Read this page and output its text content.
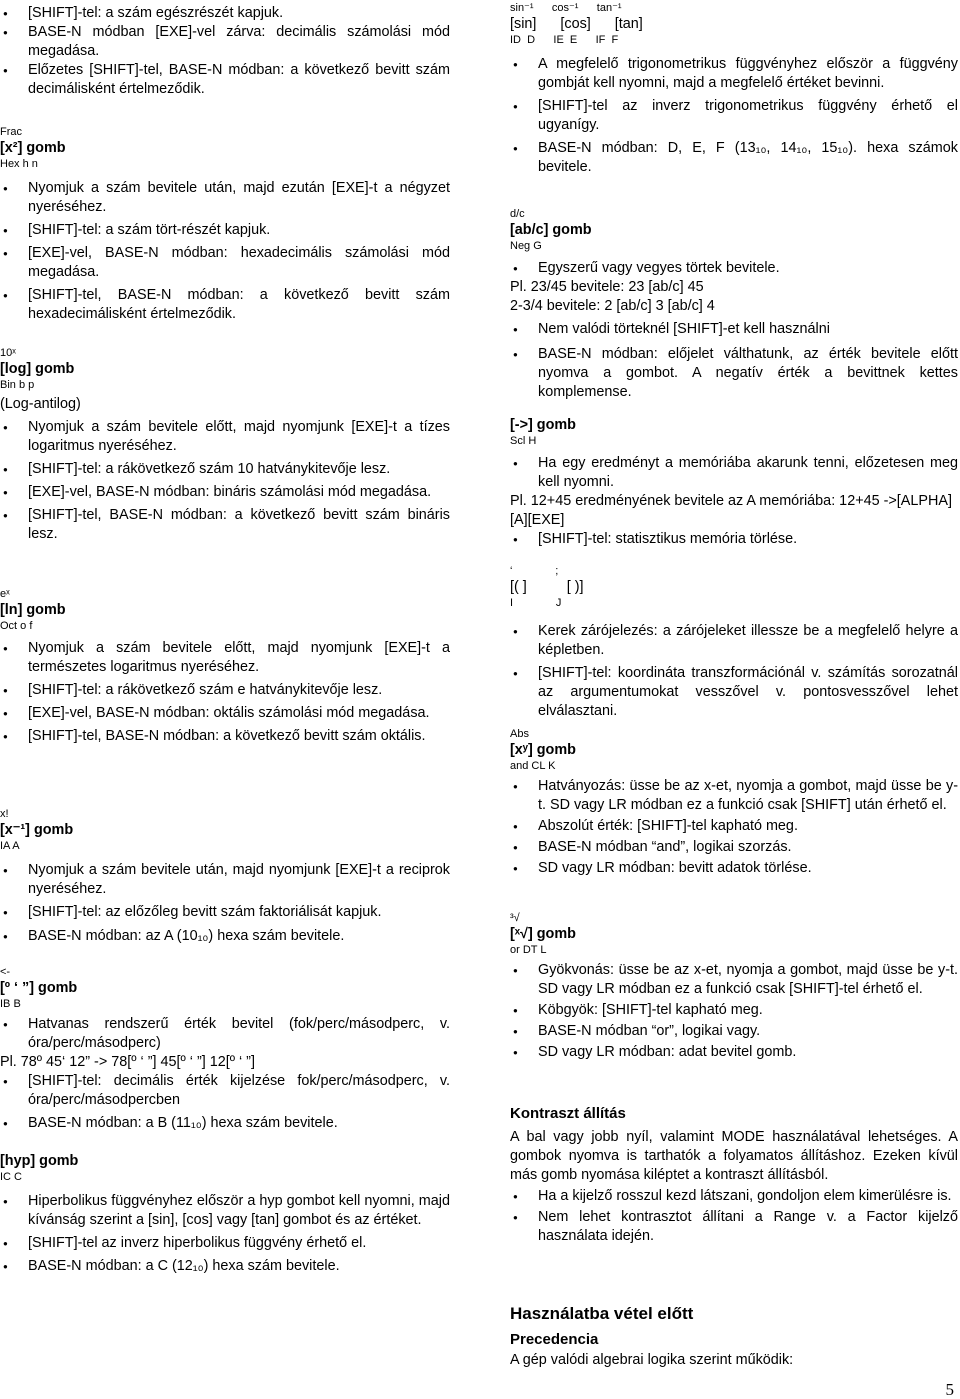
● [SHIFT]-tel: a szám egészrészét kapjuk.
● BASE-N módban [EXE]-vel zárva: decimális számolási mód megadása.
● Előzetes [SHIFT]-tel, BASE-N módban: a következő bevitt szám decimálisként értelmeződik.
Frac
[x²] gomb
Hex h n
● Nyomjuk a szám bevitele után, majd ezután [EXE]-t a négyzet nyeréséhez.
● [SHIFT]-tel: a szám tört-részét kapjuk.
● [EXE]-vel, BASE-N módban: hexadecimális számolási mód megadása.
● [SHIFT]-tel, BASE-N módban: a következő bevitt szám hexadecimálisként értelmeződik.
10ˣ
[log] gomb
Bin b p
(Log-antilog)
● Nyomjuk a szám bevitele előtt, majd nyomjunk [EXE]-t a tízes logaritmus nyeréséhez.
● [SHIFT]-tel: a rákövetkező szám 10 hatványkitevője lesz.
● [EXE]-vel, BASE-N módban: bináris számolási mód megadása.
● [SHIFT]-tel, BASE-N módban: a következő bevitt szám bináris lesz.
eˣ
[ln] gomb
Oct o f
● Nyomjuk a szám bevitele előtt, majd nyomjunk [EXE]-t a természetes logaritmus nyeréséhez.
● [SHIFT]-tel: a rákövetkező szám e hatványkitevője lesz.
● [EXE]-vel, BASE-N módban: oktális számolási mód megadása.
● [SHIFT]-tel, BASE-N módban: a következő bevitt szám oktális.
x!
[x⁻¹] gomb
IA A
● Nyomjuk a szám bevitele után, majd nyomjunk [EXE]-t a reciprok nyeréséhez.
● [SHIFT]-tel: az előzőleg bevitt szám faktoriálisát kapjuk.
● BASE-N módban: az A (10₁₀) hexa szám bevitele.
<-
[º ‘ ”] gomb
IB B
● Hatvanas rendszerű érték bevitel (fok/perc/másodperc, v. óra/perc/másodperc)
Pl. 78º 45‘ 12” -> 78[º ‘ ”] 45[º ‘ ”] 12[º ‘ ”]
● [SHIFT]-tel: decimális érték kijelzése fok/perc/másodperc, v. óra/perc/másodpercben
● BASE-N módban: a B (11₁₀) hexa szám bevitele.
[hyp] gomb
IC C
● Hiperbolikus függvényhez először a hyp gombot kell nyomni, majd kívánság szerint a [sin], [cos] vagy [tan] gombot és az értéket.
● [SHIFT]-tel az inverz hiperbolikus függvény érhető el.
● BASE-N módban: a C (12₁₀) hexa szám bevitele.
sin⁻¹      cos⁻¹      tan⁻¹
[sin]      [cos]      [tan]
ID  D      IE  E      IF  F
● A megfelelő trigonometrikus függvényhez először a függvény gombját kell nyomni, majd a megfelelő értéket bevinni.
● [SHIFT]-tel az inverz trigonometrikus függvény érhető el ugyanígy.
● BASE-N módban: D, E, F (13₁₀, 14₁₀, 15₁₀). hexa számok bevitele.
d/c
[ab/c] gomb
Neg G
● Egyszerű vagy vegyes törtek bevitele.
Pl. 23/45 bevitele: 23 [ab/c] 45
2-3/4 bevitele: 2 [ab/c] 3 [ab/c] 4
● Nem valódi törteknél [SHIFT]-et kell használni
● BASE-N módban: előjelet válthatunk, az érték bevitele előtt nyomva a gombot. A negatív érték a bevittnek kettes komplemense.
[->] gomb
Scl H
● Ha egy eredményt a memóriába akarunk tenni, előzetesen meg kell nyomni.
Pl. 12+45 eredményének bevitele az A memóriába: 12+45 ->[ALPHA][A][EXE]
● [SHIFT]-tel: statisztikus memória törlése.
‘              ;
[( ]          [ )]
I              J
● Kerek zárójelezés: a zárójeleket illessze be a megfelelő helyre a képletben.
● [SHIFT]-tel: koordináta transzformációnál v. számítás sorozatnál az argumentumokat vesszővel v. pontosvesszővel lehet elválasztani.
Abs
[xʸ] gomb
and CL K
● Hatványozás: üsse be az x-et, nyomja a gombot, majd üsse be y-t. SD vagy LR módban ez a funkció csak [SHIFT] után érhető el.
● Abszolút érték: [SHIFT]-tel kapható meg.
● BASE-N módban “and”, logikai szorzás.
● SD vagy LR módban: bevitt adatok törlése.
³√
[ˣ√] gomb
or DT L
● Gyökvonás: üsse be az x-et, nyomja a gombot, majd üsse be y-t. SD vagy LR módban ez a funkció csak [SHIFT]-tel érhető el.
● Köbgyök: [SHIFT]-tel kapható meg.
● BASE-N módban “or”, logikai vagy.
● SD vagy LR módban: adat bevitel gomb.
Kontraszt állítás
A bal vagy jobb nyíl, valamint MODE használatával lehetséges. A gombok nyomva is tarthatók a folyamatos állításhoz. Ezeken kívül más gomb nyomása kiléptet a kontraszt állításból.
● Ha a kijelző rosszul kezd látszani, gondoljon elem kimerülésre is.
● Nem lehet kontrasztot állítani a Range v. a Factor kijelző használata idején.
Használatba vétel előtt
Precedencia
A gép valódi algebrai logika szerint működik:
5
